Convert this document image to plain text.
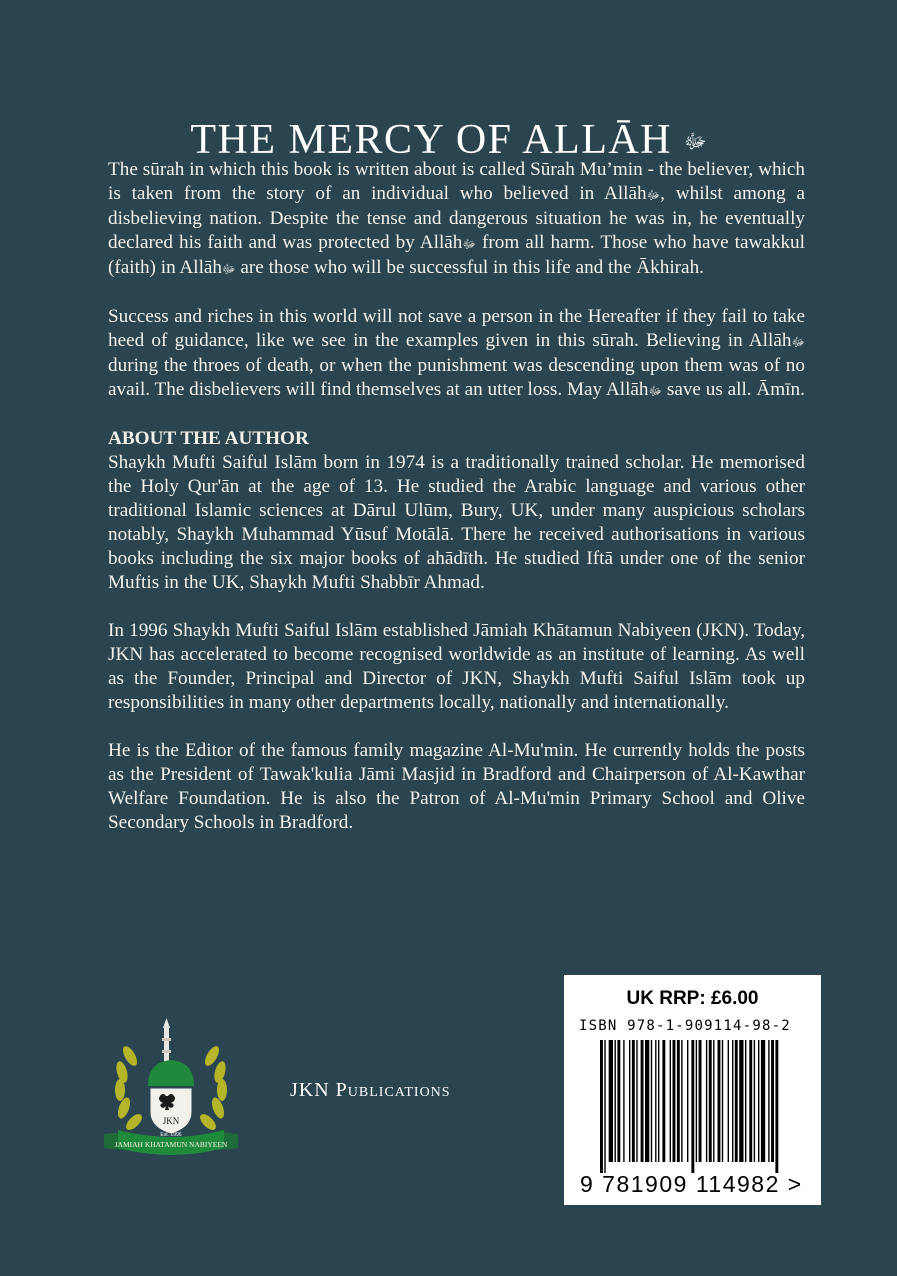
THE MERCY OF ALLĀH ﷻ

The sūrah in which this book is written about is called Sūrah Mu’min - the believer, which is taken from the story of an individual who believed in Allāhﷻ, whilst among a disbelieving nation. Despite the tense and dangerous situation he was in, he eventually declared his faith and was protected by Allāhﷻ from all harm. Those who have tawakkul (faith) in Allāhﷻ are those who will be successful in this life and the Ākhirah.

Success and riches in this world will not save a person in the Hereafter if they fail to take heed of guidance, like we see in the examples given in this sūrah. Believing in Allāhﷻ during the throes of death, or when the punishment was descending upon them was of no avail. The disbelievers will find themselves at an utter loss. May Allāhﷻ save us all. Āmīn.

ABOUT THE AUTHOR
Shaykh Mufti Saiful Islām born in 1974 is a traditionally trained scholar. He memorised the Holy Qur'ān at the age of 13. He studied the Arabic language and various other traditional Islamic sciences at Dārul Ulūm, Bury, UK, under many auspicious scholars notably, Shaykh Muhammad Yūsuf Motālā. There he received authorisations in various books including the six major books of ahādīth. He studied Iftā under one of the senior Muftis in the UK, Shaykh Mufti Shabbīr Ahmad.

In 1996 Shaykh Mufti Saiful Islām established Jāmiah Khātamun Nabiyeen (JKN). Today, JKN has accelerated to become recognised worldwide as an institute of learning. As well as the Founder, Principal and Director of JKN, Shaykh Mufti Saiful Islām took up responsibilities in many other departments locally, nationally and internationally.

He is the Editor of the famous family magazine Al-Mu'min. He currently holds the posts as the President of Tawak'kulia Jāmi Masjid in Bradford and Chairperson of Al-Kawthar Welfare Foundation. He is also the Patron of Al-Mu'min Primary School and Olive Secondary Schools in Bradford.

JKN
Est. 1996
JAMIAH KHATAMUN NABIYEEN
JKN Publications
UK RRP: £6.00
ISBN 978-1-909114-98-2
9 781909 114982 >
